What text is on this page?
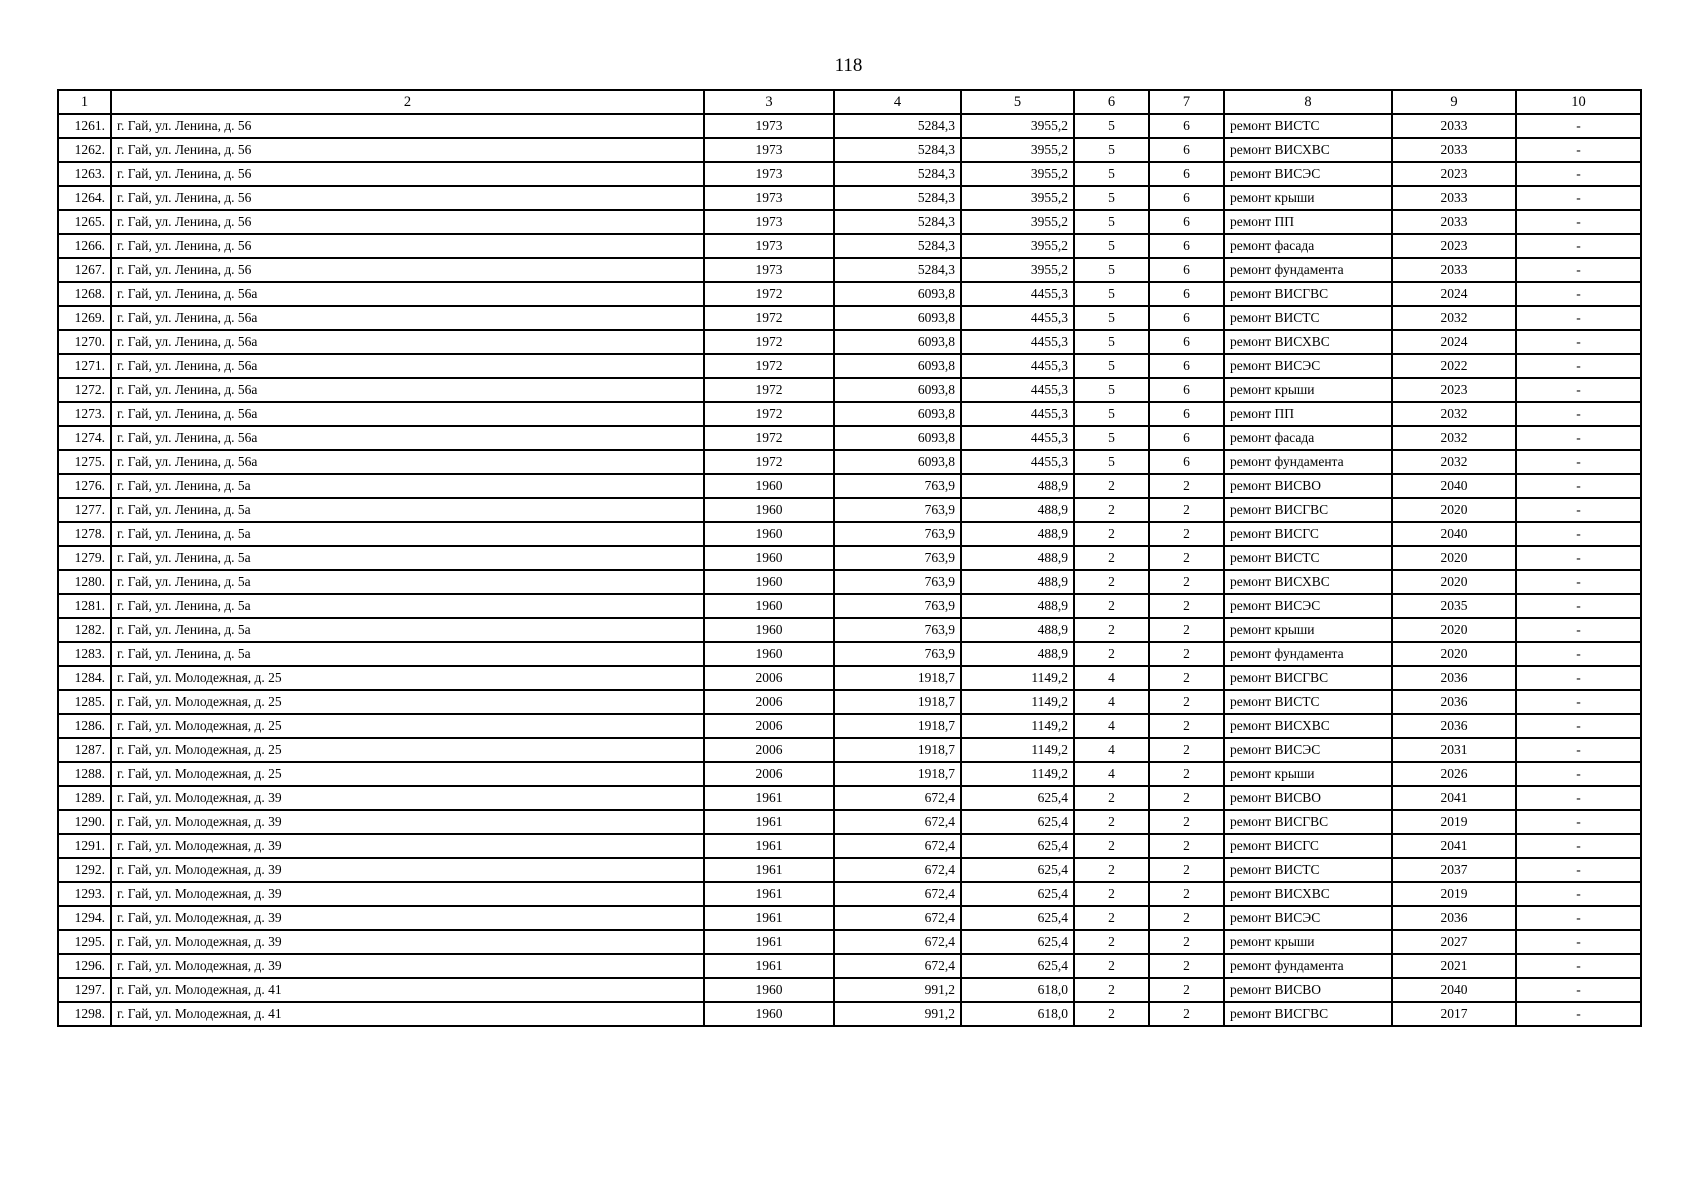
118
1	2	3	4	5	6	7	8	9	10
1261.	г. Гай, ул. Ленина, д. 56	1973	5284,3	3955,2	5	6	ремонт ВИСТС	2033	-
1262.	г. Гай, ул. Ленина, д. 56	1973	5284,3	3955,2	5	6	ремонт ВИСХВС	2033	-
1263.	г. Гай, ул. Ленина, д. 56	1973	5284,3	3955,2	5	6	ремонт ВИСЭС	2023	-
1264.	г. Гай, ул. Ленина, д. 56	1973	5284,3	3955,2	5	6	ремонт крыши	2033	-
1265.	г. Гай, ул. Ленина, д. 56	1973	5284,3	3955,2	5	6	ремонт ПП	2033	-
1266.	г. Гай, ул. Ленина, д. 56	1973	5284,3	3955,2	5	6	ремонт фасада	2023	-
1267.	г. Гай, ул. Ленина, д. 56	1973	5284,3	3955,2	5	6	ремонт фундамента	2033	-
1268.	г. Гай, ул. Ленина, д. 56а	1972	6093,8	4455,3	5	6	ремонт ВИСГВС	2024	-
1269.	г. Гай, ул. Ленина, д. 56а	1972	6093,8	4455,3	5	6	ремонт ВИСТС	2032	-
1270.	г. Гай, ул. Ленина, д. 56а	1972	6093,8	4455,3	5	6	ремонт ВИСХВС	2024	-
1271.	г. Гай, ул. Ленина, д. 56а	1972	6093,8	4455,3	5	6	ремонт ВИСЭС	2022	-
1272.	г. Гай, ул. Ленина, д. 56а	1972	6093,8	4455,3	5	6	ремонт крыши	2023	-
1273.	г. Гай, ул. Ленина, д. 56а	1972	6093,8	4455,3	5	6	ремонт ПП	2032	-
1274.	г. Гай, ул. Ленина, д. 56а	1972	6093,8	4455,3	5	6	ремонт фасада	2032	-
1275.	г. Гай, ул. Ленина, д. 56а	1972	6093,8	4455,3	5	6	ремонт фундамента	2032	-
1276.	г. Гай, ул. Ленина, д. 5а	1960	763,9	488,9	2	2	ремонт ВИСВО	2040	-
1277.	г. Гай, ул. Ленина, д. 5а	1960	763,9	488,9	2	2	ремонт ВИСГВС	2020	-
1278.	г. Гай, ул. Ленина, д. 5а	1960	763,9	488,9	2	2	ремонт ВИСГС	2040	-
1279.	г. Гай, ул. Ленина, д. 5а	1960	763,9	488,9	2	2	ремонт ВИСТС	2020	-
1280.	г. Гай, ул. Ленина, д. 5а	1960	763,9	488,9	2	2	ремонт ВИСХВС	2020	-
1281.	г. Гай, ул. Ленина, д. 5а	1960	763,9	488,9	2	2	ремонт ВИСЭС	2035	-
1282.	г. Гай, ул. Ленина, д. 5а	1960	763,9	488,9	2	2	ремонт крыши	2020	-
1283.	г. Гай, ул. Ленина, д. 5а	1960	763,9	488,9	2	2	ремонт фундамента	2020	-
1284.	г. Гай, ул. Молодежная, д. 25	2006	1918,7	1149,2	4	2	ремонт ВИСГВС	2036	-
1285.	г. Гай, ул. Молодежная, д. 25	2006	1918,7	1149,2	4	2	ремонт ВИСТС	2036	-
1286.	г. Гай, ул. Молодежная, д. 25	2006	1918,7	1149,2	4	2	ремонт ВИСХВС	2036	-
1287.	г. Гай, ул. Молодежная, д. 25	2006	1918,7	1149,2	4	2	ремонт ВИСЭС	2031	-
1288.	г. Гай, ул. Молодежная, д. 25	2006	1918,7	1149,2	4	2	ремонт крыши	2026	-
1289.	г. Гай, ул. Молодежная, д. 39	1961	672,4	625,4	2	2	ремонт ВИСВО	2041	-
1290.	г. Гай, ул. Молодежная, д. 39	1961	672,4	625,4	2	2	ремонт ВИСГВС	2019	-
1291.	г. Гай, ул. Молодежная, д. 39	1961	672,4	625,4	2	2	ремонт ВИСГС	2041	-
1292.	г. Гай, ул. Молодежная, д. 39	1961	672,4	625,4	2	2	ремонт ВИСТС	2037	-
1293.	г. Гай, ул. Молодежная, д. 39	1961	672,4	625,4	2	2	ремонт ВИСХВС	2019	-
1294.	г. Гай, ул. Молодежная, д. 39	1961	672,4	625,4	2	2	ремонт ВИСЭС	2036	-
1295.	г. Гай, ул. Молодежная, д. 39	1961	672,4	625,4	2	2	ремонт крыши	2027	-
1296.	г. Гай, ул. Молодежная, д. 39	1961	672,4	625,4	2	2	ремонт фундамента	2021	-
1297.	г. Гай, ул. Молодежная, д. 41	1960	991,2	618,0	2	2	ремонт ВИСВО	2040	-
1298.	г. Гай, ул. Молодежная, д. 41	1960	991,2	618,0	2	2	ремонт ВИСГВС	2017	-
